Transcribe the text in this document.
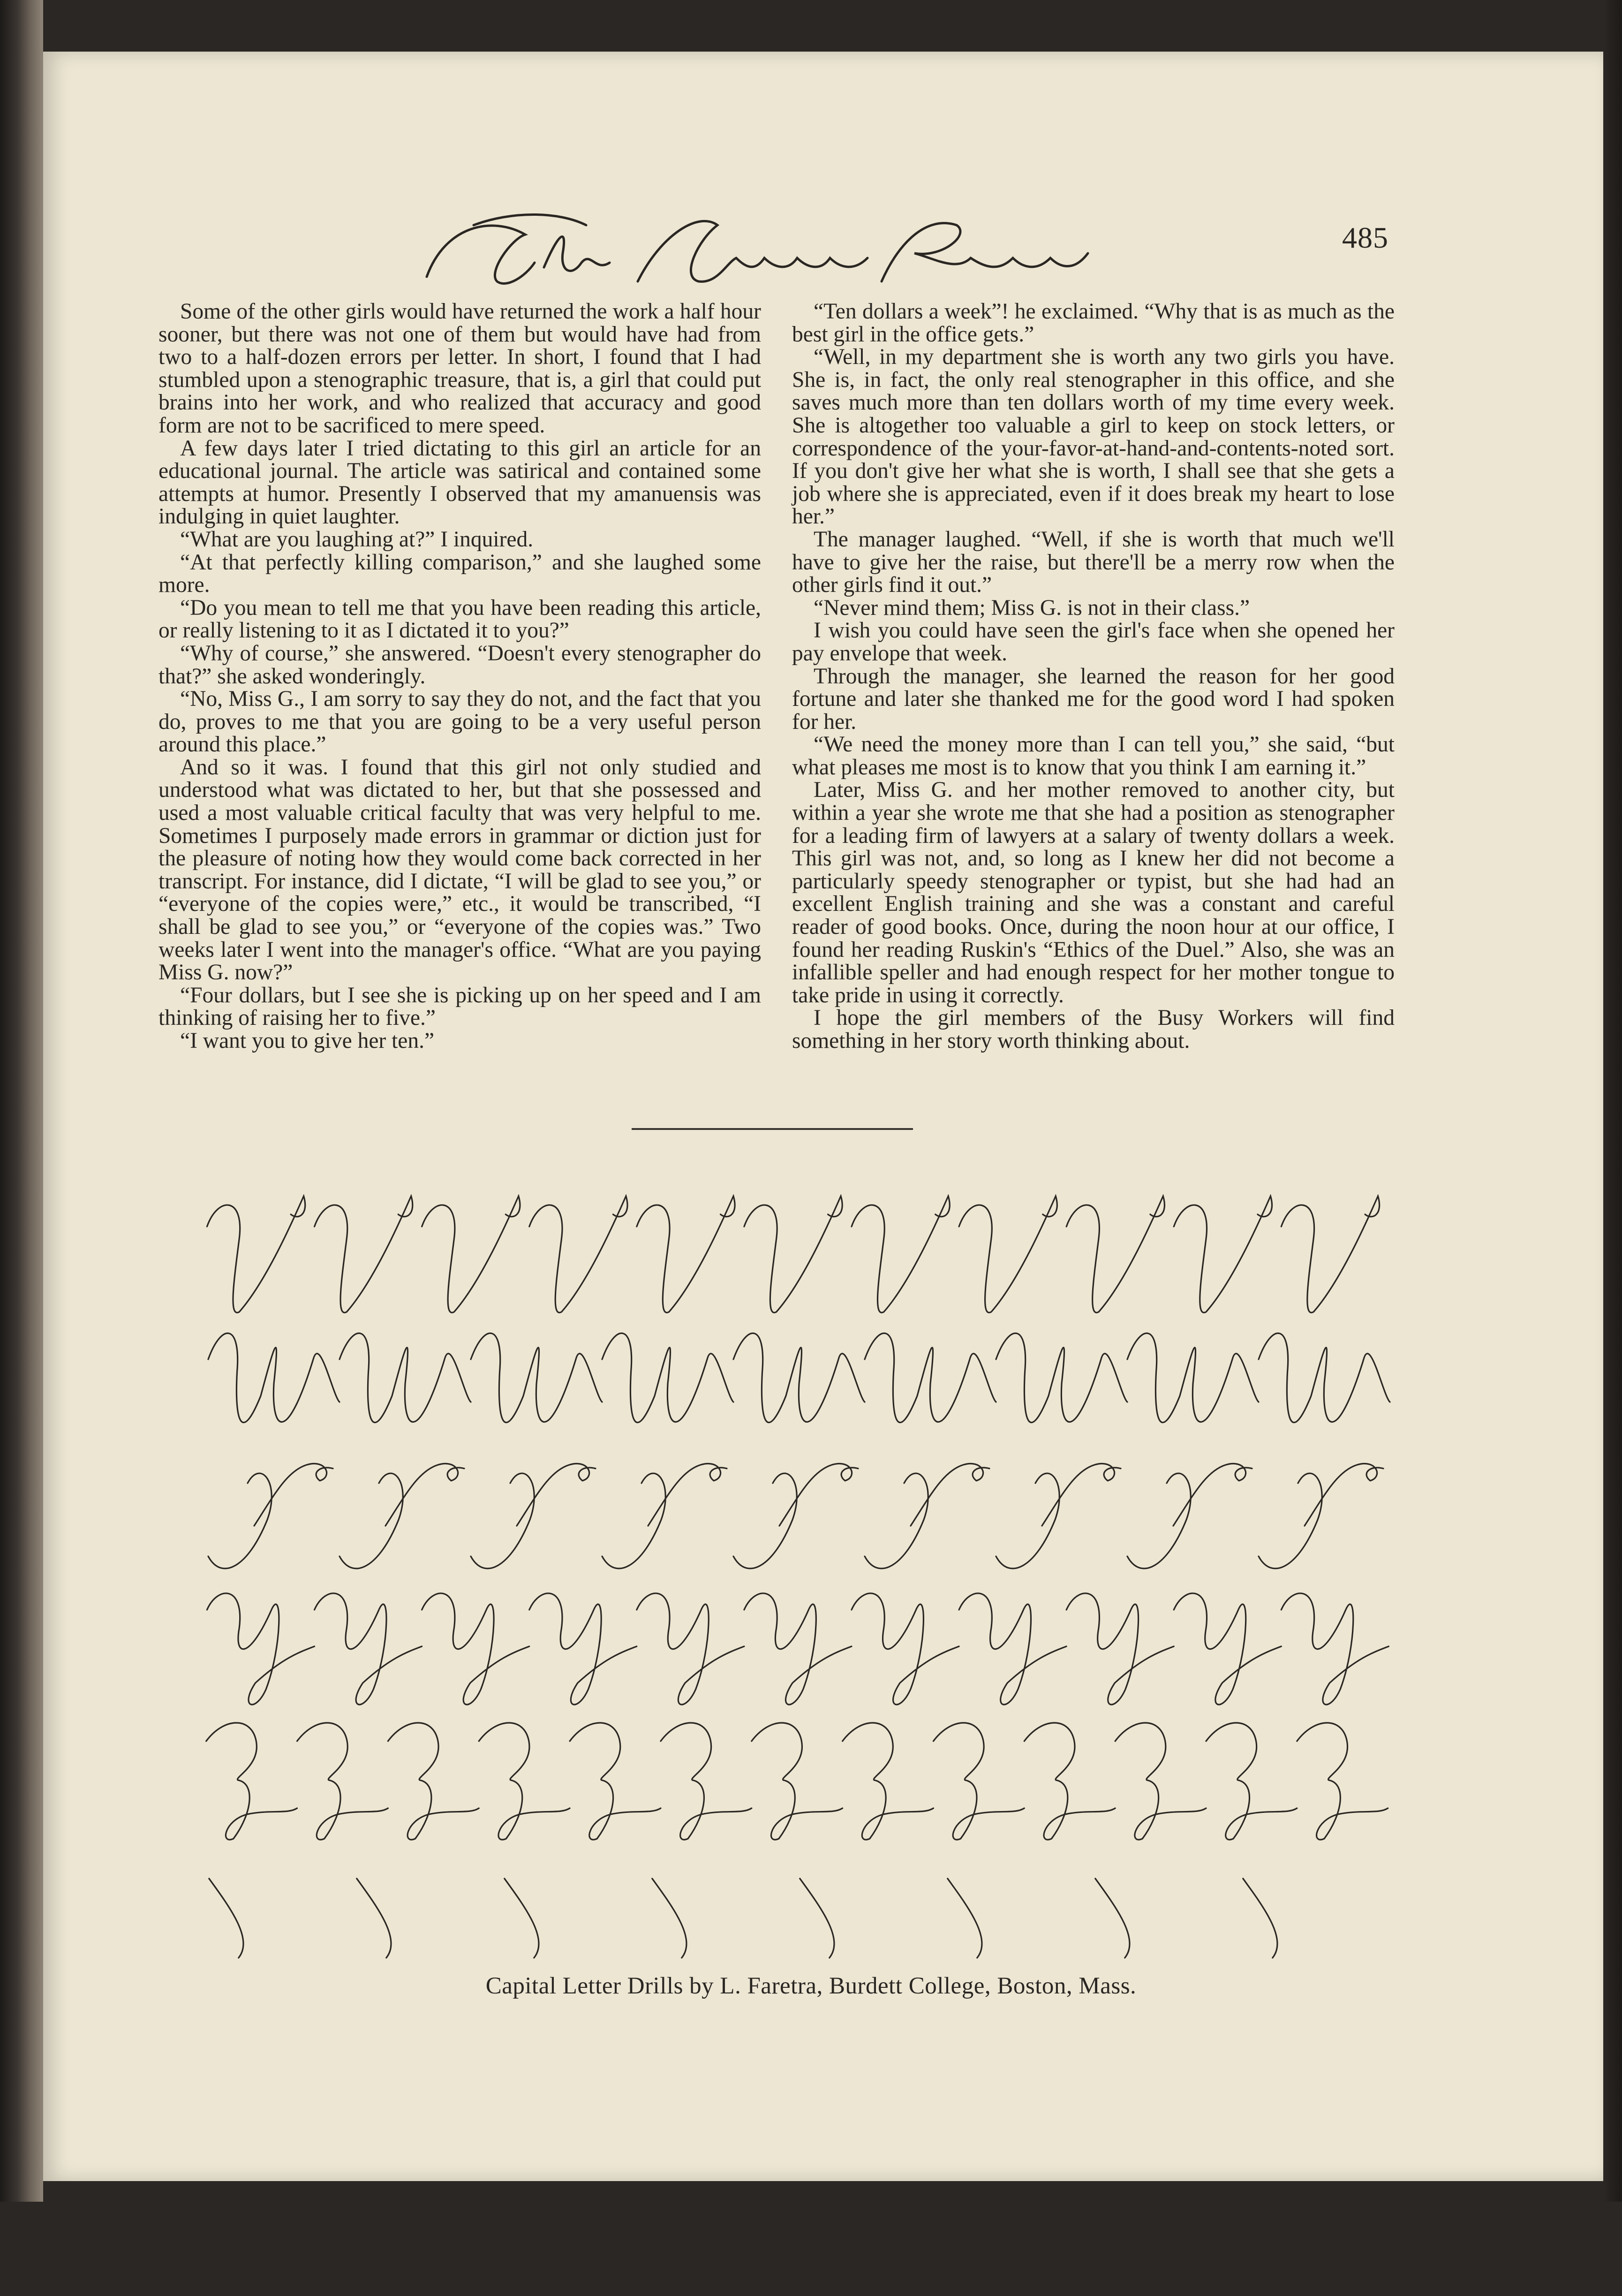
485

Some of the other girls would have returned the work a half hour sooner, but there was not one of them but would have had from two to a half-dozen errors per letter. In short, I found that I had stumbled upon a stenographic treasure, that is, a girl that could put brains into her work, and who realized that accuracy and good form are not to be sacrificed to mere speed.

A few days later I tried dictating to this girl an article for an educational journal. The article was satirical and contained some attempts at humor. Presently I observed that my amanuensis was indulging in quiet laughter.

“What are you laughing at?” I inquired.

“At that perfectly killing comparison,” and she laughed some more.

“Do you mean to tell me that you have been reading this article, or really listening to it as I dictated it to you?”

“Why of course,” she answered. “Doesn't every stenographer do that?” she asked wonderingly.

“No, Miss G., I am sorry to say they do not, and the fact that you do, proves to me that you are going to be a very useful person around this place.”

And so it was. I found that this girl not only studied and understood what was dictated to her, but that she possessed and used a most valuable critical faculty that was very helpful to me. Sometimes I purposely made errors in grammar or diction just for the pleasure of noting how they would come back corrected in her transcript. For instance, did I dictate, “I will be glad to see you,” or “everyone of the copies were,” etc., it would be transcribed, “I shall be glad to see you,” or “everyone of the copies was.” Two weeks later I went into the manager's office. “What are you paying Miss G. now?”

“Four dollars, but I see she is picking up on her speed and I am thinking of raising her to five.”

“I want you to give her ten.”

“Ten dollars a week”! he exclaimed. “Why that is as much as the best girl in the office gets.”

“Well, in my department she is worth any two girls you have. She is, in fact, the only real stenographer in this office, and she saves much more than ten dollars worth of my time every week. She is altogether too valuable a girl to keep on stock letters, or correspondence of the your-favor-at-hand-and-contents-noted sort. If you don't give her what she is worth, I shall see that she gets a job where she is appreciated, even if it does break my heart to lose her.”

The manager laughed. “Well, if she is worth that much we'll have to give her the raise, but there'll be a merry row when the other girls find it out.”

“Never mind them; Miss G. is not in their class.”

I wish you could have seen the girl's face when she opened her pay envelope that week.

Through the manager, she learned the reason for her good fortune and later she thanked me for the good word I had spoken for her.

“We need the money more than I can tell you,” she said, “but what pleases me most is to know that you think I am earning it.”

Later, Miss G. and her mother removed to another city, but within a year she wrote me that she had a position as stenographer for a leading firm of lawyers at a salary of twenty dollars a week. This girl was not, and, so long as I knew her did not become a particularly speedy stenographer or typist, but she had had an excellent English training and she was a constant and careful reader of good books. Once, during the noon hour at our office, I found her reading Ruskin's “Ethics of the Duel.” Also, she was an infallible speller and had enough respect for her mother tongue to take pride in using it correctly.

I hope the girl members of the Busy Workers will find something in her story worth thinking about.

Capital Letter Drills by L. Faretra, Burdett College, Boston, Mass.
